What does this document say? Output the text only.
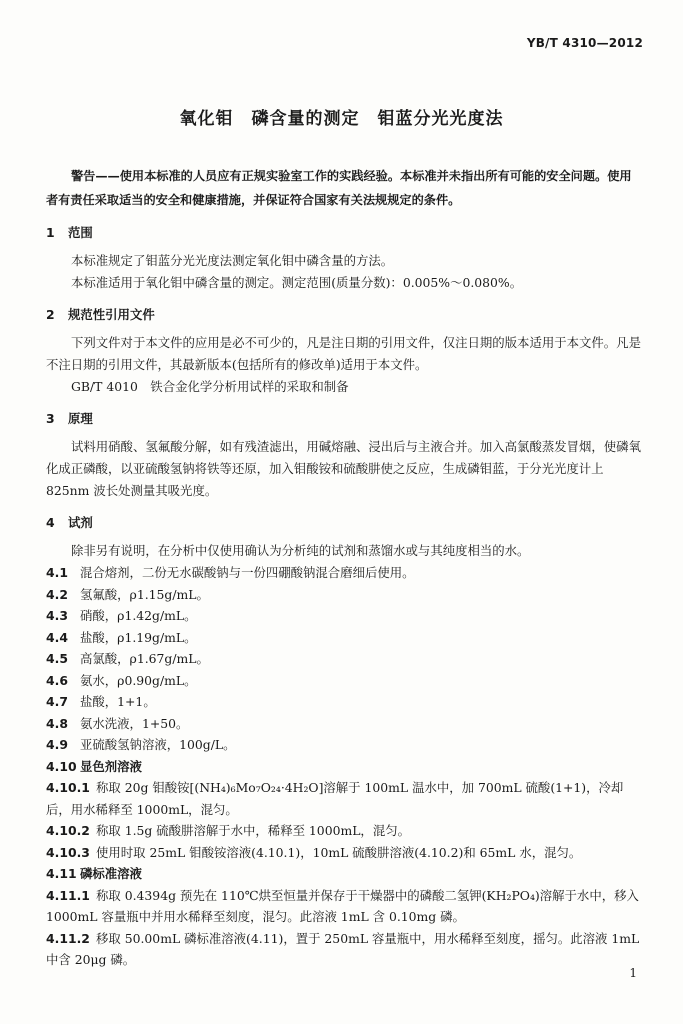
YB/T 4310—2012
氧化钼　磷含量的测定　钼蓝分光光度法

警告——使用本标准的人员应有正规实验室工作的实践经验。本标准并未指出所有可能的安全问题。使用者有责任采取适当的安全和健康措施，并保证符合国家有关法规规定的条件。

1 范围

本标准规定了钼蓝分光光度法测定氧化钼中磷含量的方法。

本标准适用于氧化钼中磷含量的测定。测定范围(质量分数)：0.005%～0.080%。

2 规范性引用文件

下列文件对于本文件的应用是必不可少的，凡是注日期的引用文件，仅注日期的版本适用于本文件。凡是不注日期的引用文件，其最新版本(包括所有的修改单)适用于本文件。

GB/T 4010　铁合金化学分析用试样的采取和制备

3 原理

试料用硝酸、氢氟酸分解，如有残渣滤出，用碱熔融、浸出后与主液合并。加入高氯酸蒸发冒烟，使磷氧化成正磷酸，以亚硫酸氢钠将铁等还原，加入钼酸铵和硫酸肼使之反应，生成磷钼蓝，于分光光度计上825nm 波长处测量其吸光度。

4 试剂

除非另有说明，在分析中仅使用确认为分析纯的试剂和蒸馏水或与其纯度相当的水。

4.1 混合熔剂，二份无水碳酸钠与一份四硼酸钠混合磨细后使用。

4.2 氢氟酸，ρ1.15g/mL。

4.3 硝酸，ρ1.42g/mL。

4.4 盐酸，ρ1.19g/mL。

4.5 高氯酸，ρ1.67g/mL。

4.6 氨水，ρ0.90g/mL。

4.7 盐酸，1+1。

4.8 氨水洗液，1+50。

4.9 亚硫酸氢钠溶液，100g/L。

4.10 显色剂溶液

4.10.1 称取 20g 钼酸铵[(NH₄)₆Mo₇O₂₄·4H₂O]溶解于 100mL 温水中，加 700mL 硫酸(1+1)，冷却后，用水稀释至 1000mL，混匀。

4.10.2 称取 1.5g 硫酸肼溶解于水中，稀释至 1000mL，混匀。

4.10.3 使用时取 25mL 钼酸铵溶液(4.10.1)，10mL 硫酸肼溶液(4.10.2)和 65mL 水，混匀。

4.11 磷标准溶液

4.11.1 称取 0.4394g 预先在 110℃烘至恒量并保存于干燥器中的磷酸二氢钾(KH₂PO₄)溶解于水中，移入 1000mL 容量瓶中并用水稀释至刻度，混匀。此溶液 1mL 含 0.10mg 磷。

4.11.2 移取 50.00mL 磷标准溶液(4.11)，置于 250mL 容量瓶中，用水稀释至刻度，摇匀。此溶液 1mL 中含 20μg 磷。

1
